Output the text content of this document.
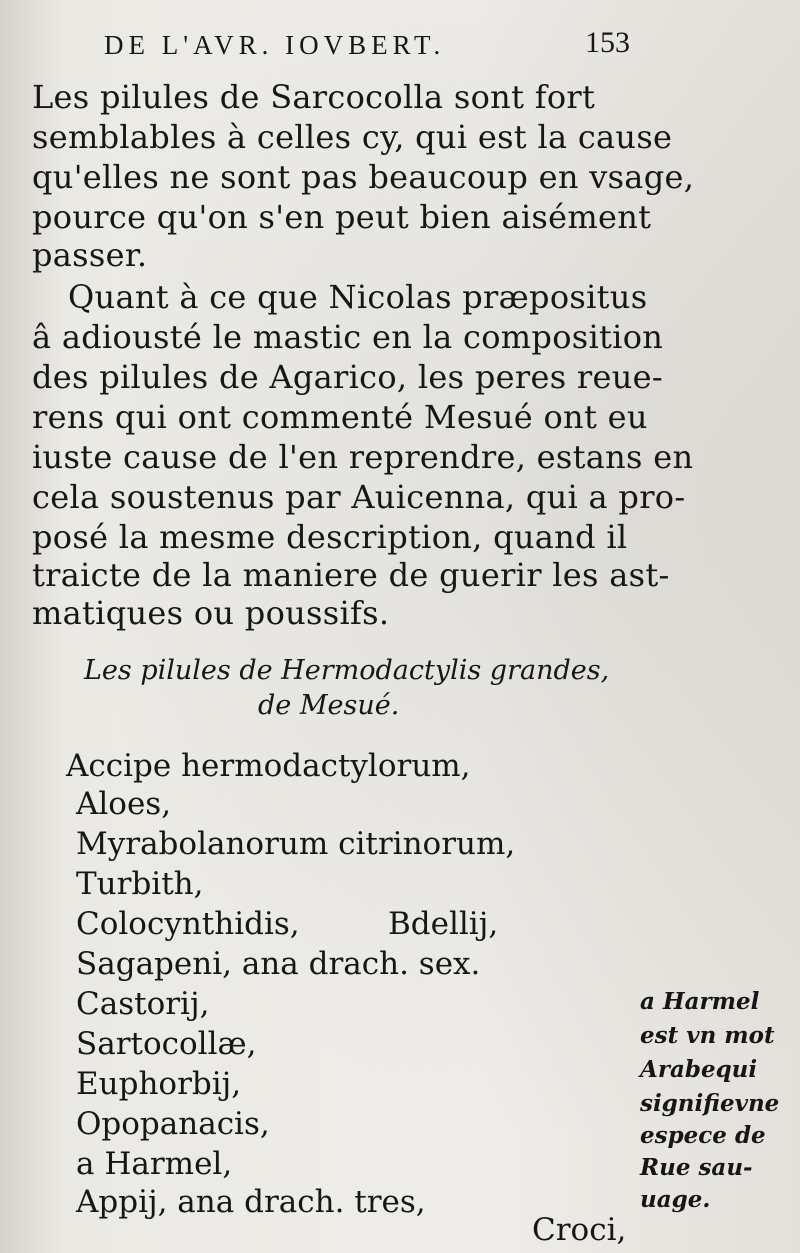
DE L'AVR. IOVBERT.	153
Les pilules de Sarcocolla sont fort
semblables à celles cy, qui est la cause
qu'elles ne sont pas beaucoup en vsage,
pource qu'on s'en peut bien aisément
passer.
Quant à ce que Nicolas præpositus
â adiousté le mastic en la composition
des pilules de Agarico, les peres reue-
rens qui ont commenté Mesué ont eu
iuste cause de l'en reprendre, estans en
cela soustenus par Auicenna, qui a pro-
posé la mesme description, quand il
traicte de la maniere de guerir les ast-
matiques ou poussifs.
Les pilules de Hermodactylis grandes,
de Mesué.
Accipe hermodactylorum,
Aloes,
Myrabolanorum citrinorum,
Turbith,
Colocynthidis,	Bdellij,
Sagapeni, ana drach. sex.
Castorij,
Sartocollæ,
Euphorbij,
Opopanacis,
a Harmel,
Appij, ana drach. tres,
Croci,
a Harmel
est vn mot
Arabequi
signifievne
espece de
Rue sau-
uage.
